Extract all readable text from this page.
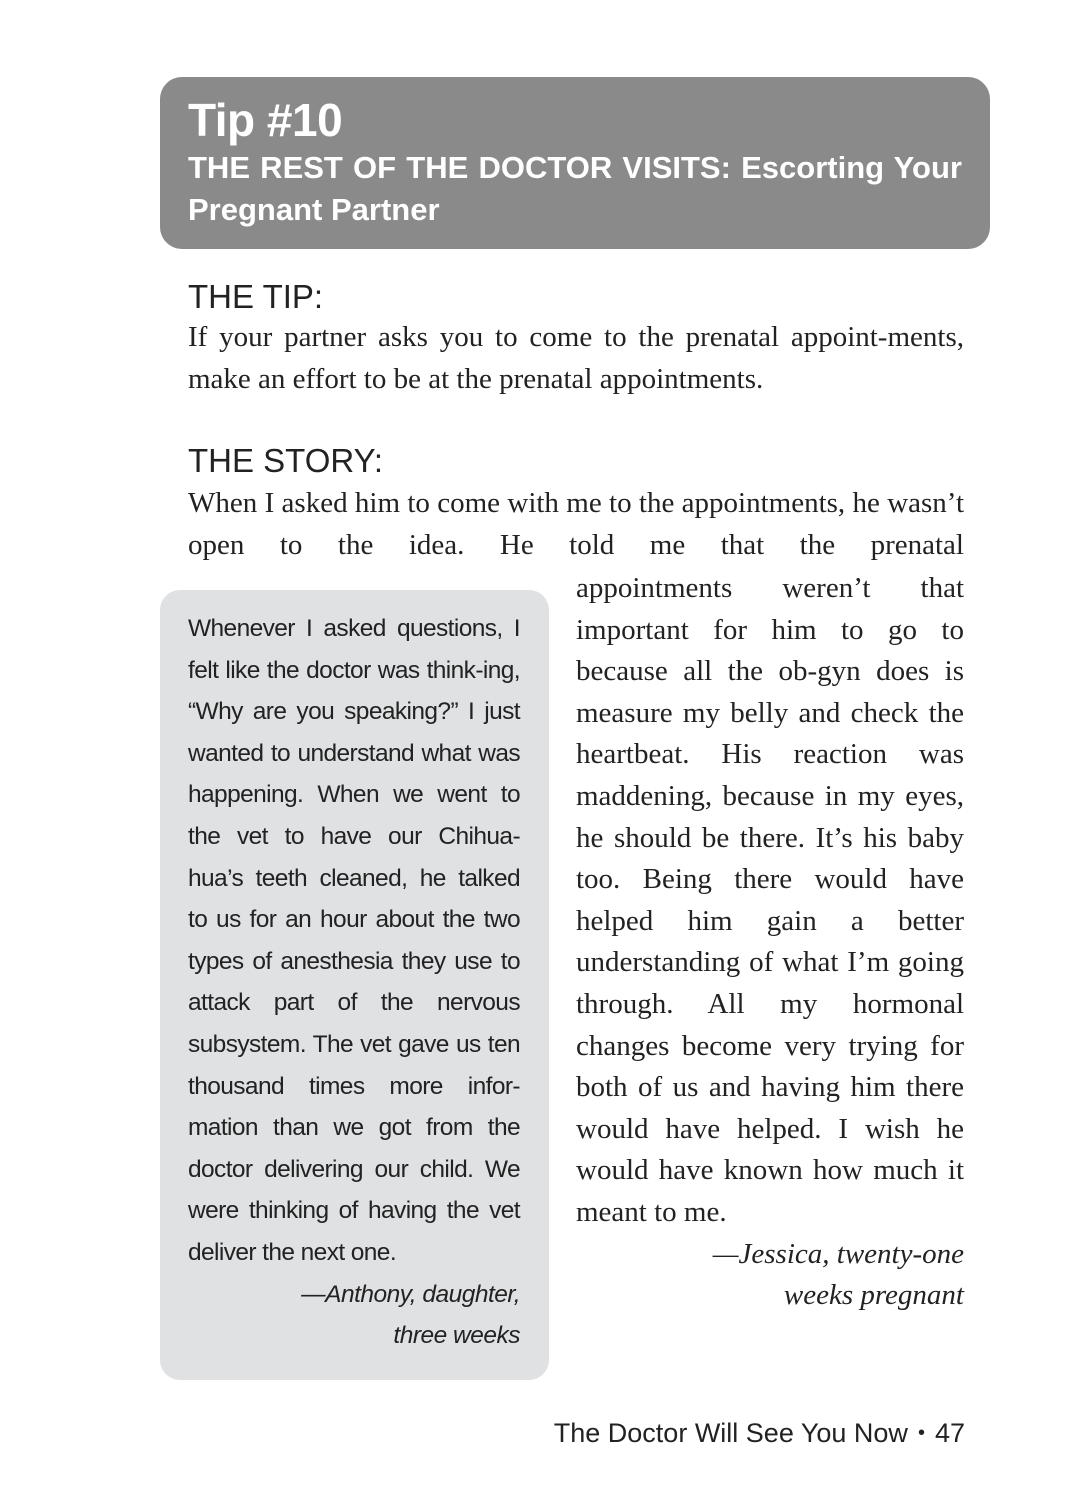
Tip #10
THE REST OF THE DOCTOR VISITS: Escorting Your Pregnant Partner
THE TIP:
If your partner asks you to come to the prenatal appoint-ments, make an effort to be at the prenatal appointments.
THE STORY:
When I asked him to come with me to the appointments, he wasn’t open to the idea. He told me that the prenatal
appointments weren’t that important for him to go to because all the ob-gyn does is measure my belly and check the heartbeat. His reaction was maddening, because in my eyes, he should be there. It’s his baby too. Being there would have helped him gain a better understanding of what I’m going through. All my hormonal changes become very trying for both of us and having him there would have helped. I wish he would have known how much it meant to me.
—Jessica, twenty-one
weeks pregnant
Whenever I asked questions, I felt like the doctor was think-ing, “Why are you speaking?” I just wanted to understand what was happening. When we went to the vet to have our Chihua-hua’s teeth cleaned, he talked to us for an hour about the two types of anesthesia they use to attack part of the nervous subsystem. The vet gave us ten thousand times more infor-mation than we got from the doctor delivering our child. We were thinking of having the vet deliver the next one.
—Anthony, daughter,
three weeks
The Doctor Will See You Now • 47
